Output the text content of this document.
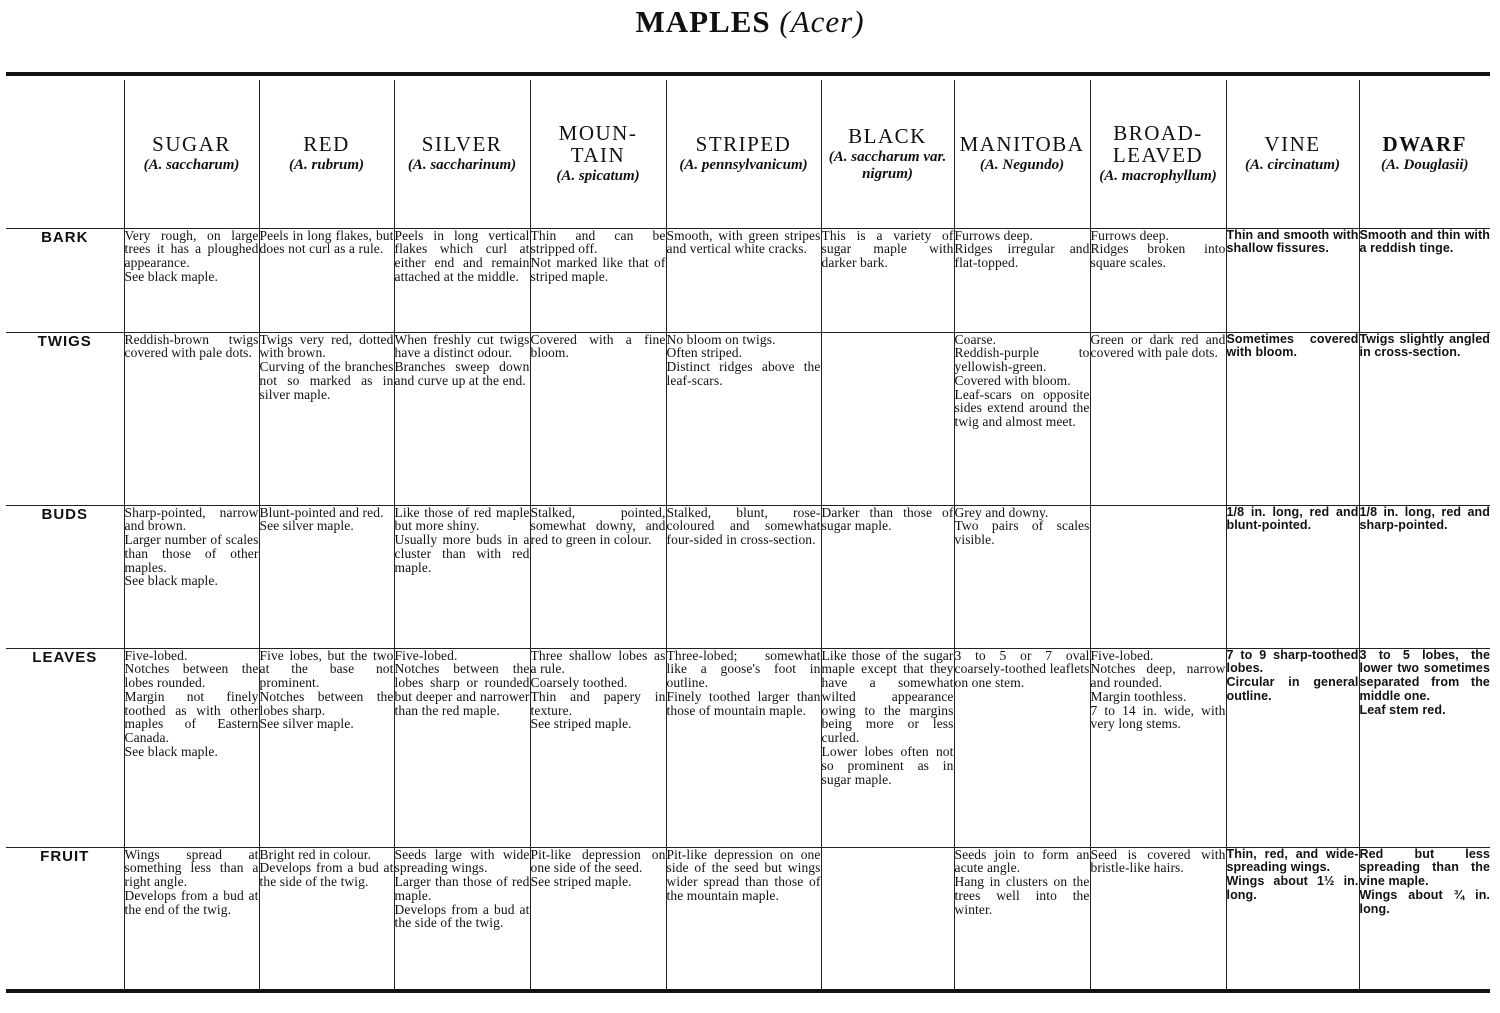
MAPLES (Acer)

	SUGAR
(A. saccharum)	RED
(A. rubrum)	SILVER
(A. saccharinum)	MOUN-
TAIN
(A. spicatum)	STRIPED
(A. pennsylvanicum)	BLACK
(A. saccharum var. nigrum)	MANITOBA
(A. Negundo)	BROAD-
LEAVED
(A. macrophyllum)	VINE
(A. circinatum)	DWARF
(A. Douglasii)

BARK	Very rough, on large trees it has a ploughed appearance.
See black maple.	Peels in long flakes, but does not curl as a rule.	Peels in long vertical flakes which curl at either end and remain attached at the middle.	Thin and can be stripped off.
Not marked like that of striped maple.	Smooth, with green stripes and vertical white cracks.	This is a variety of sugar maple with darker bark.	Furrows deep.
Ridges irregular and flat-topped.	Furrows deep.
Ridges broken into square scales.	Thin and smooth with shallow fissures.	Smooth and thin with a reddish tinge.

TWIGS	Reddish-brown twigs covered with pale dots.	Twigs very red, dotted with brown.
Curving of the branches not so marked as in silver maple.	When freshly cut twigs have a distinct odour.
Branches sweep down and curve up at the end.	Covered with a fine bloom.	No bloom on twigs.
Often striped.
Distinct ridges above the leaf-scars.		Coarse.
Reddish-purple to yellowish-green.
Covered with bloom.
Leaf-scars on opposite sides extend around the twig and almost meet.	Green or dark red and covered with pale dots.	Sometimes covered with bloom.	Twigs slightly angled in cross-section.

BUDS	Sharp-pointed, narrow and brown.
Larger number of scales than those of other maples.
See black maple.	Blunt-pointed and red.
See silver maple.	Like those of red maple but more shiny.
Usually more buds in a cluster than with red maple.	Stalked, pointed, somewhat downy, and red to green in colour.	Stalked, blunt, rose-coloured and somewhat four-sided in cross-section.	Darker than those of sugar maple.	Grey and downy.
Two pairs of scales visible.		1/8 in. long, red and blunt-pointed.	1/8 in. long, red and sharp-pointed.

LEAVES	Five-lobed.
Notches between the lobes rounded.
Margin not finely toothed as with other maples of Eastern Canada.
See black maple.	Five lobes, but the two at the base not prominent.
Notches between the lobes sharp.
See silver maple.	Five-lobed.
Notches between the lobes sharp or rounded but deeper and narrower than the red maple.	Three shallow lobes as a rule.
Coarsely toothed.
Thin and papery in texture.
See striped maple.	Three-lobed; somewhat like a goose's foot in outline.
Finely toothed larger than those of mountain maple.	Like those of the sugar maple except that they have a somewhat wilted appearance owing to the margins being more or less curled.
Lower lobes often not so prominent as in sugar maple.	3 to 5 or 7 oval coarsely-toothed leaflets on one stem.	Five-lobed.
Notches deep, narrow and rounded.
Margin toothless.
7 to 14 in. wide, with very long stems.	7 to 9 sharp-toothed lobes.
Circular in general outline.	3 to 5 lobes, the lower two sometimes separated from the middle one.
Leaf stem red.

FRUIT	Wings spread at something less than a right angle.
Develops from a bud at the end of the twig.	Bright red in colour.
Develops from a bud at the side of the twig.	Seeds large with wide spreading wings.
Larger than those of red maple.
Develops from a bud at the side of the twig.	Pit-like depression on one side of the seed.
See striped maple.	Pit-like depression on one side of the seed but wings wider spread than those of the mountain maple.		Seeds join to form an acute angle.
Hang in clusters on the trees well into the winter.	Seed is covered with bristle-like hairs.	Thin, red, and wide-spreading wings.
Wings about 1½ in. long.	Red but less spreading than the vine maple.
Wings about ¾ in. long.
